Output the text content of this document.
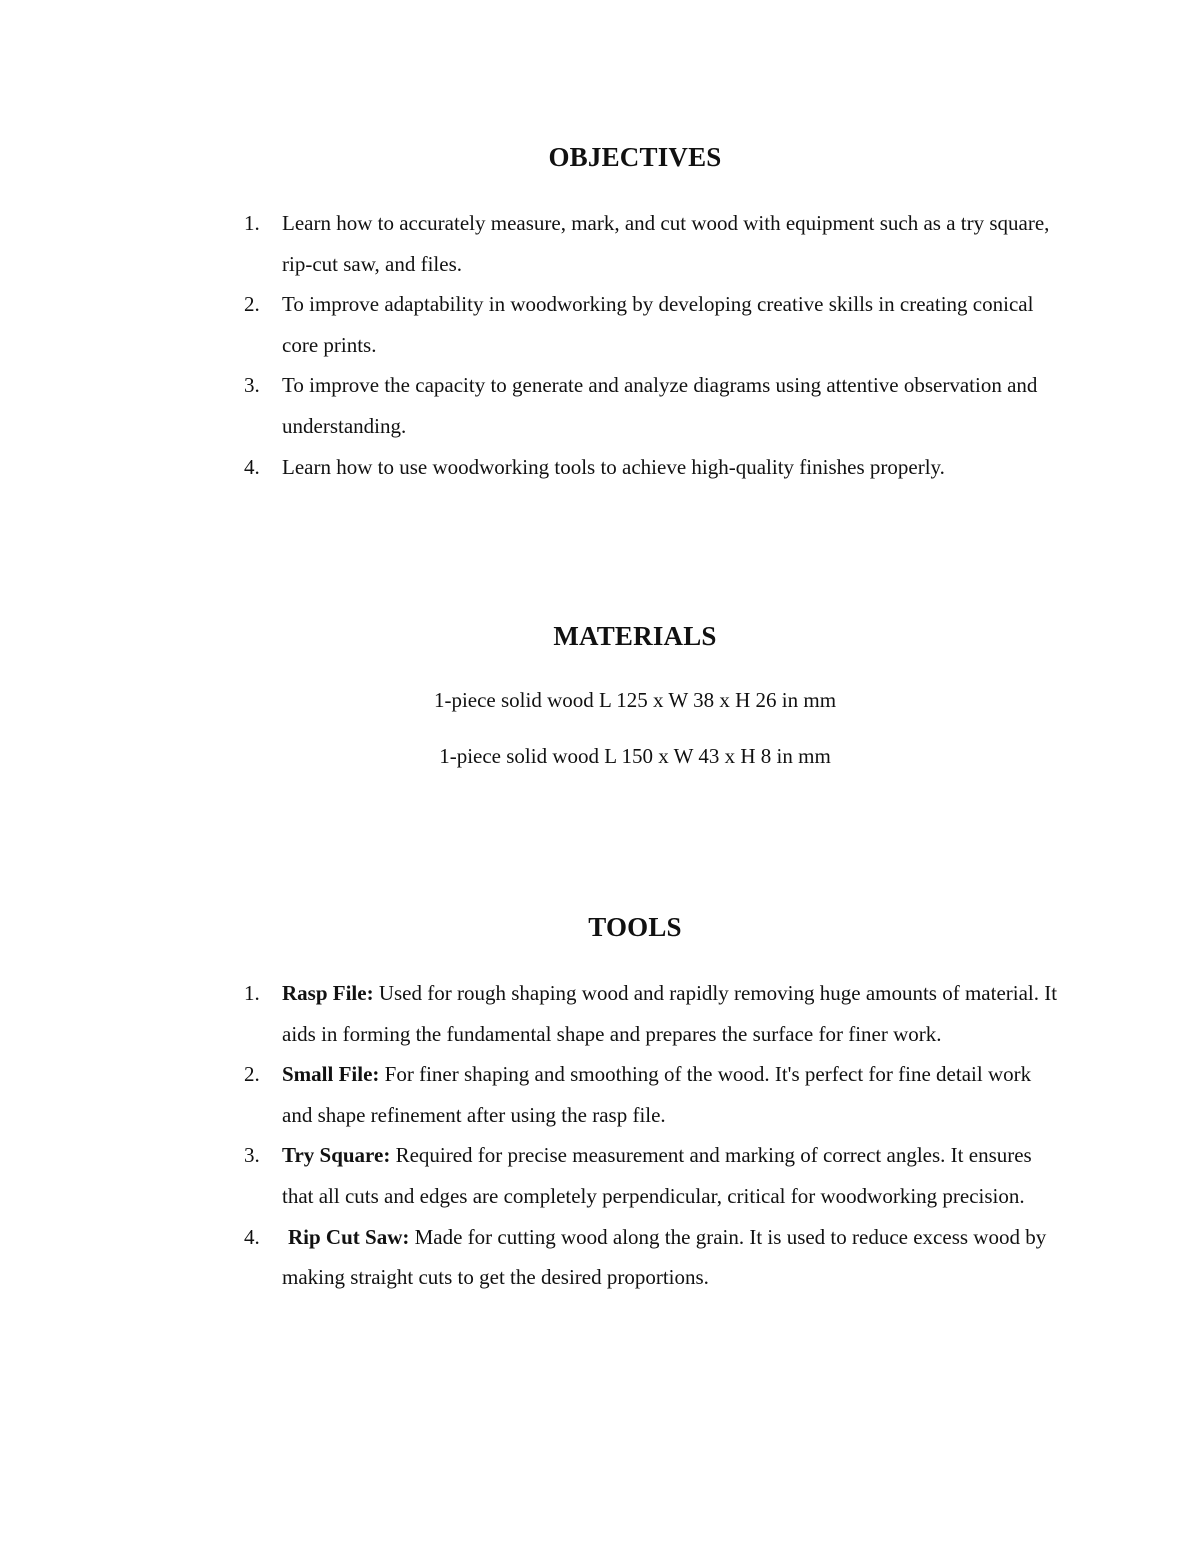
OBJECTIVES
1. Learn how to accurately measure, mark, and cut wood with equipment such as a try square, rip-cut saw, and files.
2. To improve adaptability in woodworking by developing creative skills in creating conical core prints.
3. To improve the capacity to generate and analyze diagrams using attentive observation and understanding.
4. Learn how to use woodworking tools to achieve high-quality finishes properly.
MATERIALS

1-piece solid wood L 125 x W 38 x H 26 in mm

1-piece solid wood L 150 x W 43 x H 8 in mm

TOOLS
1. Rasp File: Used for rough shaping wood and rapidly removing huge amounts of material. It aids in forming the fundamental shape and prepares the surface for finer work.
2. Small File: For finer shaping and smoothing of the wood. It's perfect for fine detail work and shape refinement after using the rasp file.
3. Try Square: Required for precise measurement and marking of correct angles. It ensures that all cuts and edges are completely perpendicular, critical for woodworking precision.
4. Rip Cut Saw: Made for cutting wood along the grain. It is used to reduce excess wood by making straight cuts to get the desired proportions.
